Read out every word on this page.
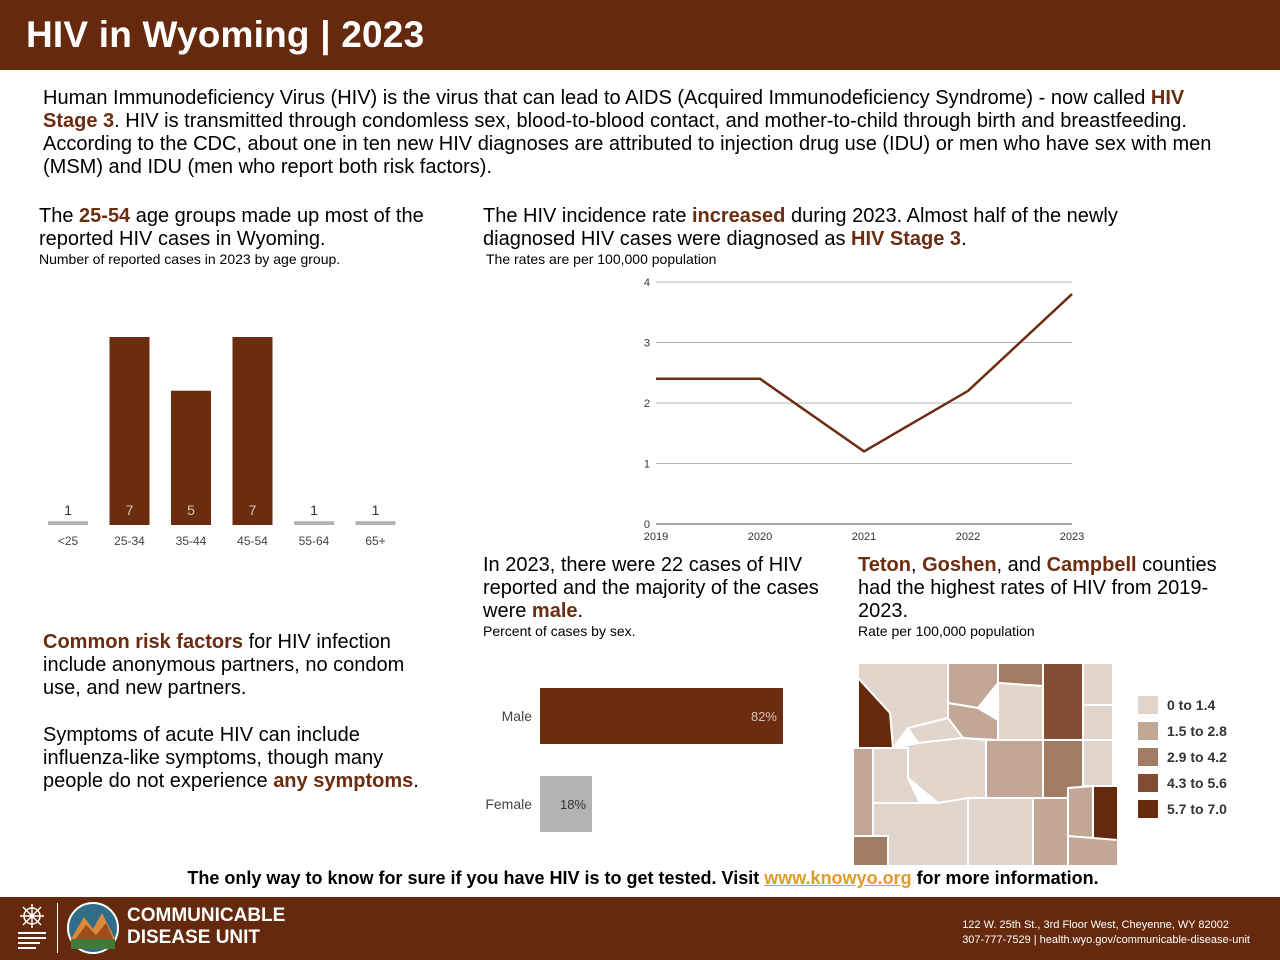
HIV in Wyoming | 2023
Human Immunodeficiency Virus (HIV) is the virus that can lead to AIDS (Acquired Immunodeficiency Syndrome) - now called HIV Stage 3. HIV is transmitted through condomless sex, blood-to-blood contact, and mother-to-child through birth and breastfeeding. According to the CDC, about one in ten new HIV diagnoses are attributed to injection drug use (IDU) or men who have sex with men (MSM) and IDU (men who report both risk factors).
The 25-54 age groups made up most of the reported HIV cases in Wyoming.
Number of reported cases in 2023 by age group.
1
<25
7
25-34
5
35-44
7
45-54
1
55-64
1
65+
The HIV incidence rate increased during 2023. Almost half of the newly diagnosed HIV cases were diagnosed as HIV Stage 3.
The rates are per 100,000 population
0
1
2
3
4
2019	2020	2021	2022	2023
Common risk factors for HIV infection include anonymous partners, no condom use, and new partners.
Symptoms of acute HIV can include influenza-like symptoms, though many people do not experience any symptoms.
In 2023, there were 22 cases of HIV reported and the majority of the cases were male.
Percent of cases by sex.
Male	82%
Female 18%
Teton, Goshen, and Campbell counties had the highest rates of HIV from 2019-2023.
Rate per 100,000 population
0 to 1.4
1.5 to 2.8
2.9 to 4.2
4.3 to 5.6
5.7 to 7.0
The only way to know for sure if you have HIV is to get tested. Visit www.knowyo.org for more information.
COMMUNICABLE
DISEASE UNIT
122 W. 25th St., 3rd Floor West, Cheyenne, WY 82002
307-777-7529 | health.wyo.gov/communicable-disease-unit
